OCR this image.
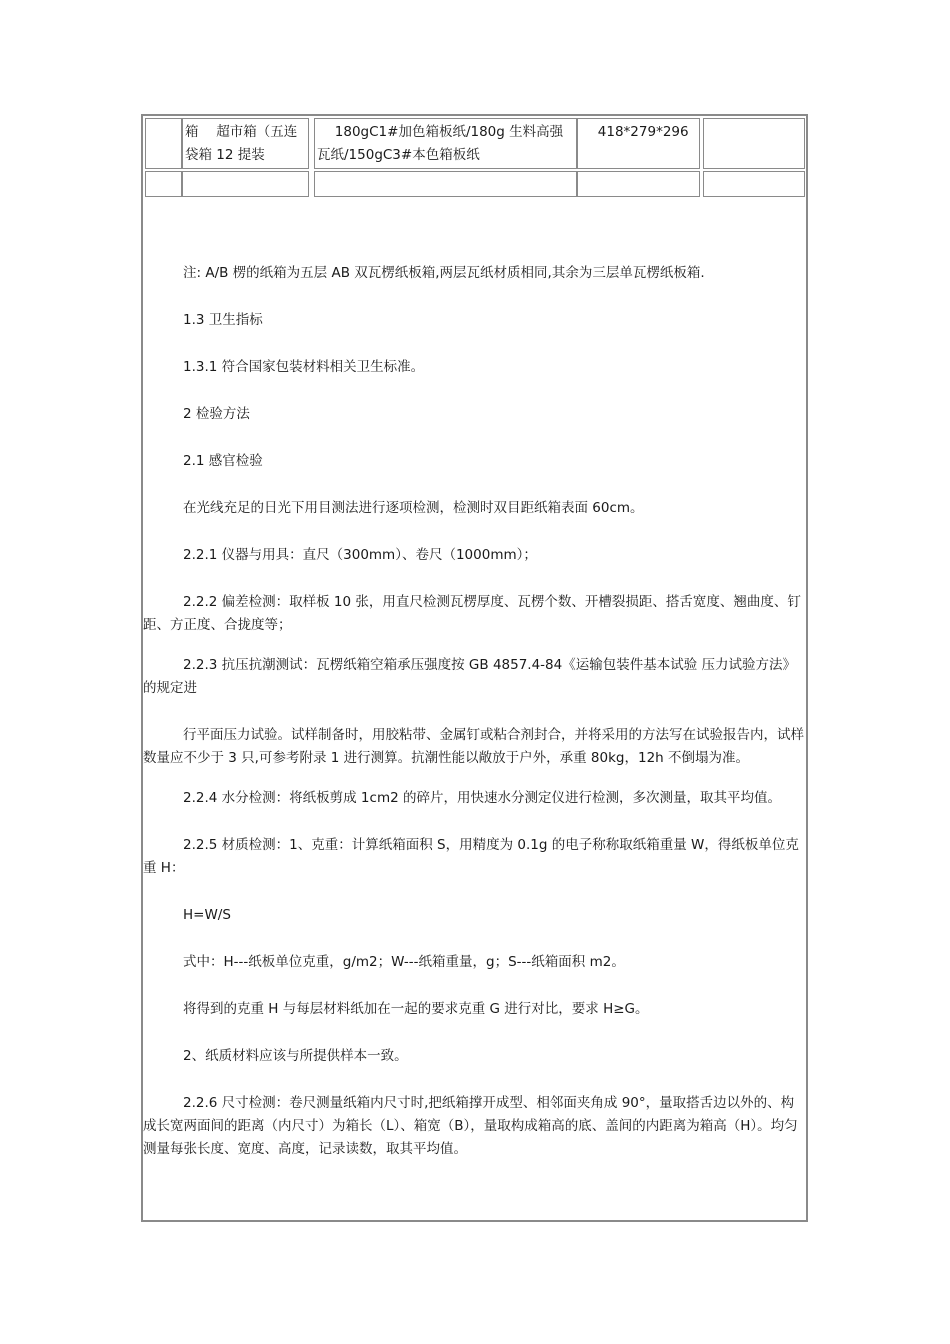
箱　 超市箱（五连袋箱 12 提装
　 180gC1#加色箱板纸/180g 生料高强瓦纸/150gC3#本色箱板纸
　 418*279*296

注: A/B 楞的纸箱为五层 AB 双瓦楞纸板箱,两层瓦纸材质相同,其余为三层单瓦楞纸板箱.

1.3 卫生指标

1.3.1 符合国家包装材料相关卫生标准。

2 检验方法

2.1 感官检验

在光线充足的日光下用目测法进行逐项检测，检测时双目距纸箱表面 60cm。

2.2.1 仪器与用具：直尺（300mm）、卷尺（1000mm）；

2.2.2 偏差检测：取样板 10 张，用直尺检测瓦楞厚度、瓦楞个数、开槽裂损距、搭舌宽度、翘曲度、钉距、方正度、合拢度等；

2.2.3 抗压抗潮测试：瓦楞纸箱空箱承压强度按 GB 4857.4-84《运输包装件基本试验 压力试验方法》的规定进

行平面压力试验。试样制备时，用胶粘带、金属钉或粘合剂封合，并将采用的方法写在试验报告内，试样数量应不少于 3 只,可参考附录 1 进行测算。抗潮性能以敞放于户外，承重 80kg，12h 不倒塌为准。

2.2.4 水分检测：将纸板剪成 1cm2 的碎片，用快速水分测定仪进行检测，多次测量，取其平均值。

2.2.5 材质检测：1、克重：计算纸箱面积 S，用精度为 0.1g 的电子称称取纸箱重量 W，得纸板单位克重 H：

H=W/S

式中：H---纸板单位克重，g/m2；W---纸箱重量，g；S---纸箱面积 m2。

将得到的克重 H 与每层材料纸加在一起的要求克重 G 进行对比，要求 H≥G。

2、纸质材料应该与所提供样本一致。

2.2.6 尺寸检测：卷尺测量纸箱内尺寸时,把纸箱撑开成型、相邻面夹角成 90°，量取搭舌边以外的、构成长宽两面间的距离（内尺寸）为箱长（L）、箱宽（B），量取构成箱高的底、盖间的内距离为箱高（H）。均匀测量每张长度、宽度、高度，记录读数，取其平均值。
